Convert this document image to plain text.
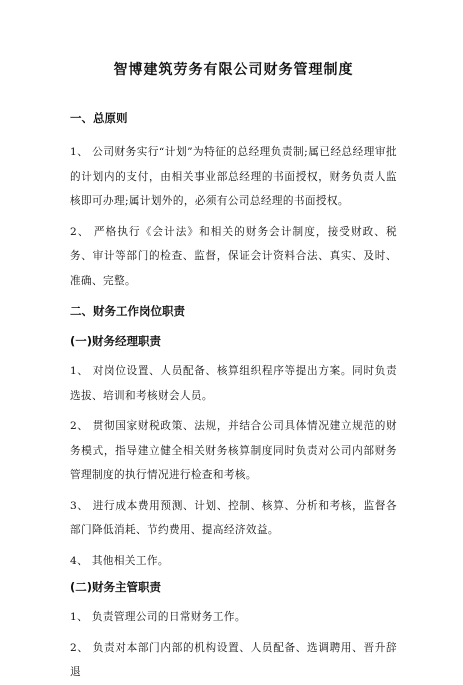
智博建筑劳务有限公司财务管理制度
一、总原则

1、 公司财务实行“计划”为特征的总经理负责制;属已经总经理审批的计划内的支付，由相关事业部总经理的书面授权，财务负责人监核即可办理;属计划外的，必须有公司总经理的书面授权。

2、 严格执行《会计法》和相关的财务会计制度，接受财政、税务、审计等部门的检查、监督，保证会计资料合法、真实、及时、准确、完整。

二、财务工作岗位职责
(一)财务经理职责

1、 对岗位设置、人员配备、核算组织程序等提出方案。同时负责选拔、培训和考核财会人员。

2、 贯彻国家财税政策、法规，并结合公司具体情况建立规范的财务模式，指导建立健全相关财务核算制度同时负责对公司内部财务管理制度的执行情况进行检查和考核。

3、 进行成本费用预测、计划、控制、核算、分析和考核，监督各部门降低消耗、节约费用、提高经济效益。

4、 其他相关工作。

(二)财务主管职责

1、 负责管理公司的日常财务工作。

2、 负责对本部门内部的机构设置、人员配备、选调聘用、晋升辞退
